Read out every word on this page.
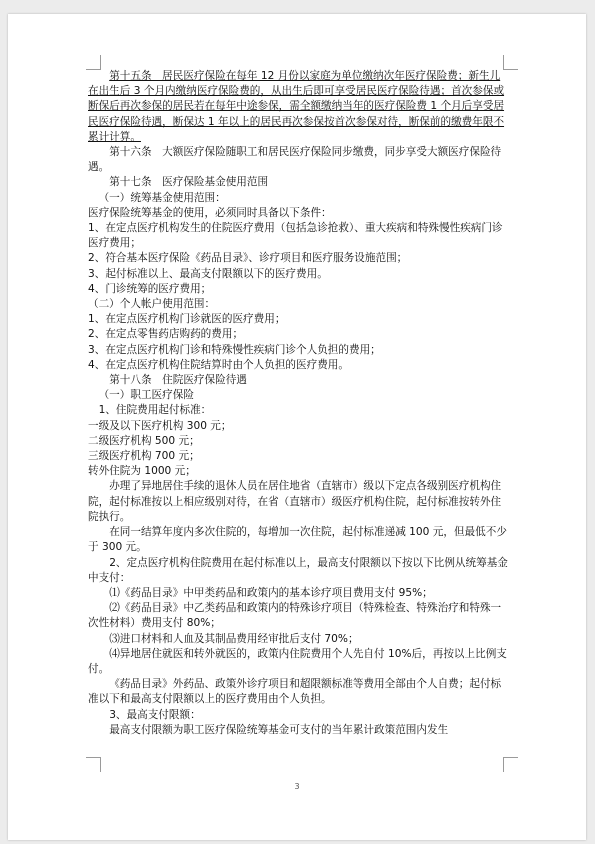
第十五条　居民医疗保险在每年 12 月份以家庭为单位缴纳次年医疗保险费；新生儿在出生后 3 个月内缴纳医疗保险费的，从出生后即可享受居民医疗保险待遇；首次参保或断保后再次参保的居民若在每年中途参保，需全额缴纳当年的医疗保险费 1 个月后享受居民医疗保险待遇，断保达 1 年以上的居民再次参保按首次参保对待，断保前的缴费年限不累计计算。

第十六条　大额医疗保险随职工和居民医疗保险同步缴费，同步享受大额医疗保险待遇。

第十七条　医疗保险基金使用范围

（一）统筹基金使用范围：

医疗保险统筹基金的使用，必须同时具备以下条件：

1、在定点医疗机构发生的住院医疗费用（包括急诊抢救）、重大疾病和特殊慢性疾病门诊医疗费用；

2、符合基本医疗保险《药品目录》、诊疗项目和医疗服务设施范围；

3、起付标准以上、最高支付限额以下的医疗费用。

4、门诊统筹的医疗费用；

（二）个人帐户使用范围：

1、在定点医疗机构门诊就医的医疗费用；

2、在定点零售药店购药的费用；

3、在定点医疗机构门诊和特殊慢性疾病门诊个人负担的费用；

4、在定点医疗机构住院结算时由个人负担的医疗费用。

第十八条　住院医疗保险待遇

（一）职工医疗保险

1、住院费用起付标准：

一级及以下医疗机构 300 元；

二级医疗机构 500 元；

三级医疗机构 700 元；

转外住院为 1000 元；

办理了异地居住手续的退休人员在居住地省（直辖市）级以下定点各级别医疗机构住院，起付标准按以上相应级别对待，在省（直辖市）级医疗机构住院，起付标准按转外住院执行。

在同一结算年度内多次住院的，每增加一次住院，起付标准递减 100 元，但最低不少于 300 元。

2、定点医疗机构住院费用在起付标准以上，最高支付限额以下按以下比例从统筹基金中支付：

⑴《药品目录》中甲类药品和政策内的基本诊疗项目费用支付 95%；

⑵《药品目录》中乙类药品和政策内的特殊诊疗项目（特殊检查、特殊治疗和特殊一次性材料）费用支付 80%；

⑶进口材料和人血及其制品费用经审批后支付 70%；

⑷异地居住就医和转外就医的，政策内住院费用个人先自付 10%后，再按以上比例支付。

《药品目录》外药品、政策外诊疗项目和超限额标准等费用全部由个人自费；起付标准以下和最高支付限额以上的医疗费用由个人负担。

3、最高支付限额：

最高支付限额为职工医疗保险统筹基金可支付的当年累计政策范围内发生

3
